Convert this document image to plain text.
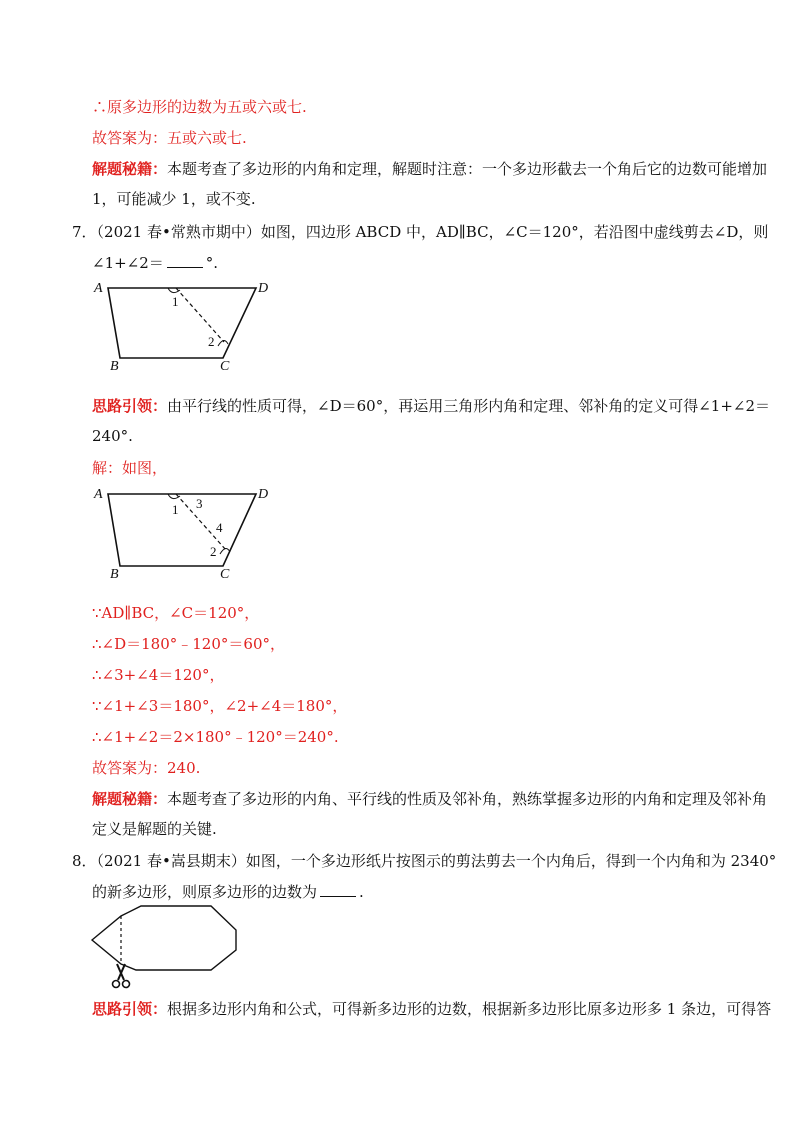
∴原多边形的边数为五或六或七.
故答案为：五或六或七.
解题秘籍：本题考查了多边形的内角和定理，解题时注意：一个多边形截去一个角后它的边数可能增加
1，可能减少 1，或不变.
7．（2021 春•常熟市期中）如图，四边形 ABCD 中，AD∥BC，∠C＝120°，若沿图中虚线剪去∠D，则
∠1+∠2＝	°.
A	D
B	C
1
2
思路引领：由平行线的性质可得，∠D＝60°，再运用三角形内角和定理、邻补角的定义可得∠1+∠2＝
240°.
解：如图，
1 3
4
2
A	D
B	C
∵AD∥BC，∠C＝120°，
∴∠D＝180°﹣120°＝60°，
∴∠3+∠4＝120°，
∵∠1+∠3＝180°，∠2+∠4＝180°，
∴∠1+∠2＝2×180°﹣120°＝240°.
故答案为：240.
解题秘籍：本题考查了多边形的内角、平行线的性质及邻补角，熟练掌握多边形的内角和定理及邻补角
定义是解题的关键.
8．（2021 春•嵩县期末）如图，一个多边形纸片按图示的剪法剪去一个内角后，得到一个内角和为 2340°
的新多边形，则原多边形的边数为	.
思路引领：根据多边形内角和公式，可得新多边形的边数，根据新多边形比原多边形多 1 条边，可得答
